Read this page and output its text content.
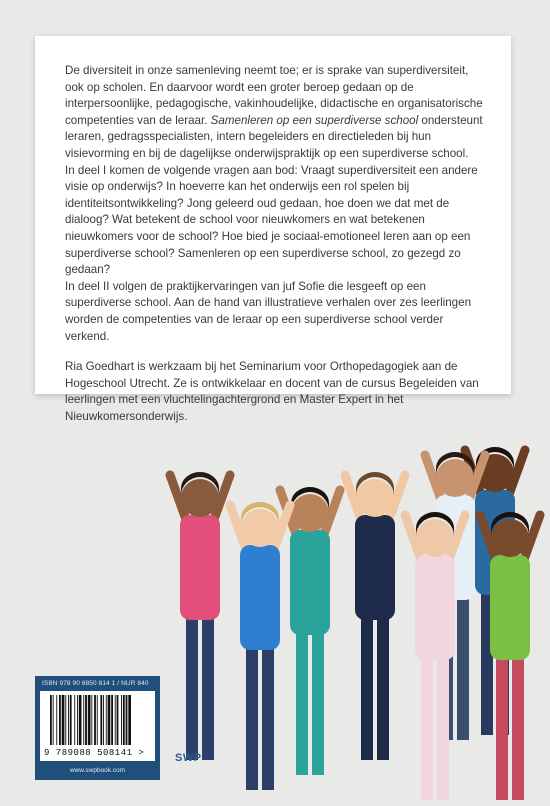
De diversiteit in onze samenleving neemt toe; er is sprake van superdiversiteit, ook op scholen. En daarvoor wordt een groter beroep gedaan op de interpersoonlijke, pedagogische, vakinhoudelijke, didactische en organisatorische competenties van de leraar. Samenleren op een superdiverse school ondersteunt leraren, gedragsspecialisten, intern begeleiders en directieleden bij hun visievorming en bij de dagelijkse onderwijspraktijk op een superdiverse school.

In deel I komen de volgende vragen aan bod: Vraagt superdiversiteit een andere visie op onderwijs? In hoeverre kan het onderwijs een rol spelen bij identiteitsontwikkeling? Jong geleerd oud gedaan, hoe doen we dat met de dialoog? Wat betekent de school voor nieuwkomers en wat betekenen nieuwkomers voor de school? Hoe bied je sociaal-emotioneel leren aan op een superdiverse school? Samenleren op een superdiverse school, zo gezegd zo gedaan?

In deel II volgen de praktijkervaringen van juf Sofie die lesgeeft op een superdiverse school. Aan de hand van illustratieve verhalen over zes leerlingen worden de competenties van de leraar op een superdiverse school verder verkend.

Ria Goedhart is werkzaam bij het Seminarium voor Orthopedagogiek aan de Hogeschool Utrecht. Ze is ontwikkelaar en docent van de cursus Begeleiden van leerlingen met een vluchtelingachtergrond en Master Expert in het Nieuwkomersonderwijs.

ISBN 978 90 8850 814 1 / NUR 840
9 789088 508141 >
www.swpbook.com
SWP
